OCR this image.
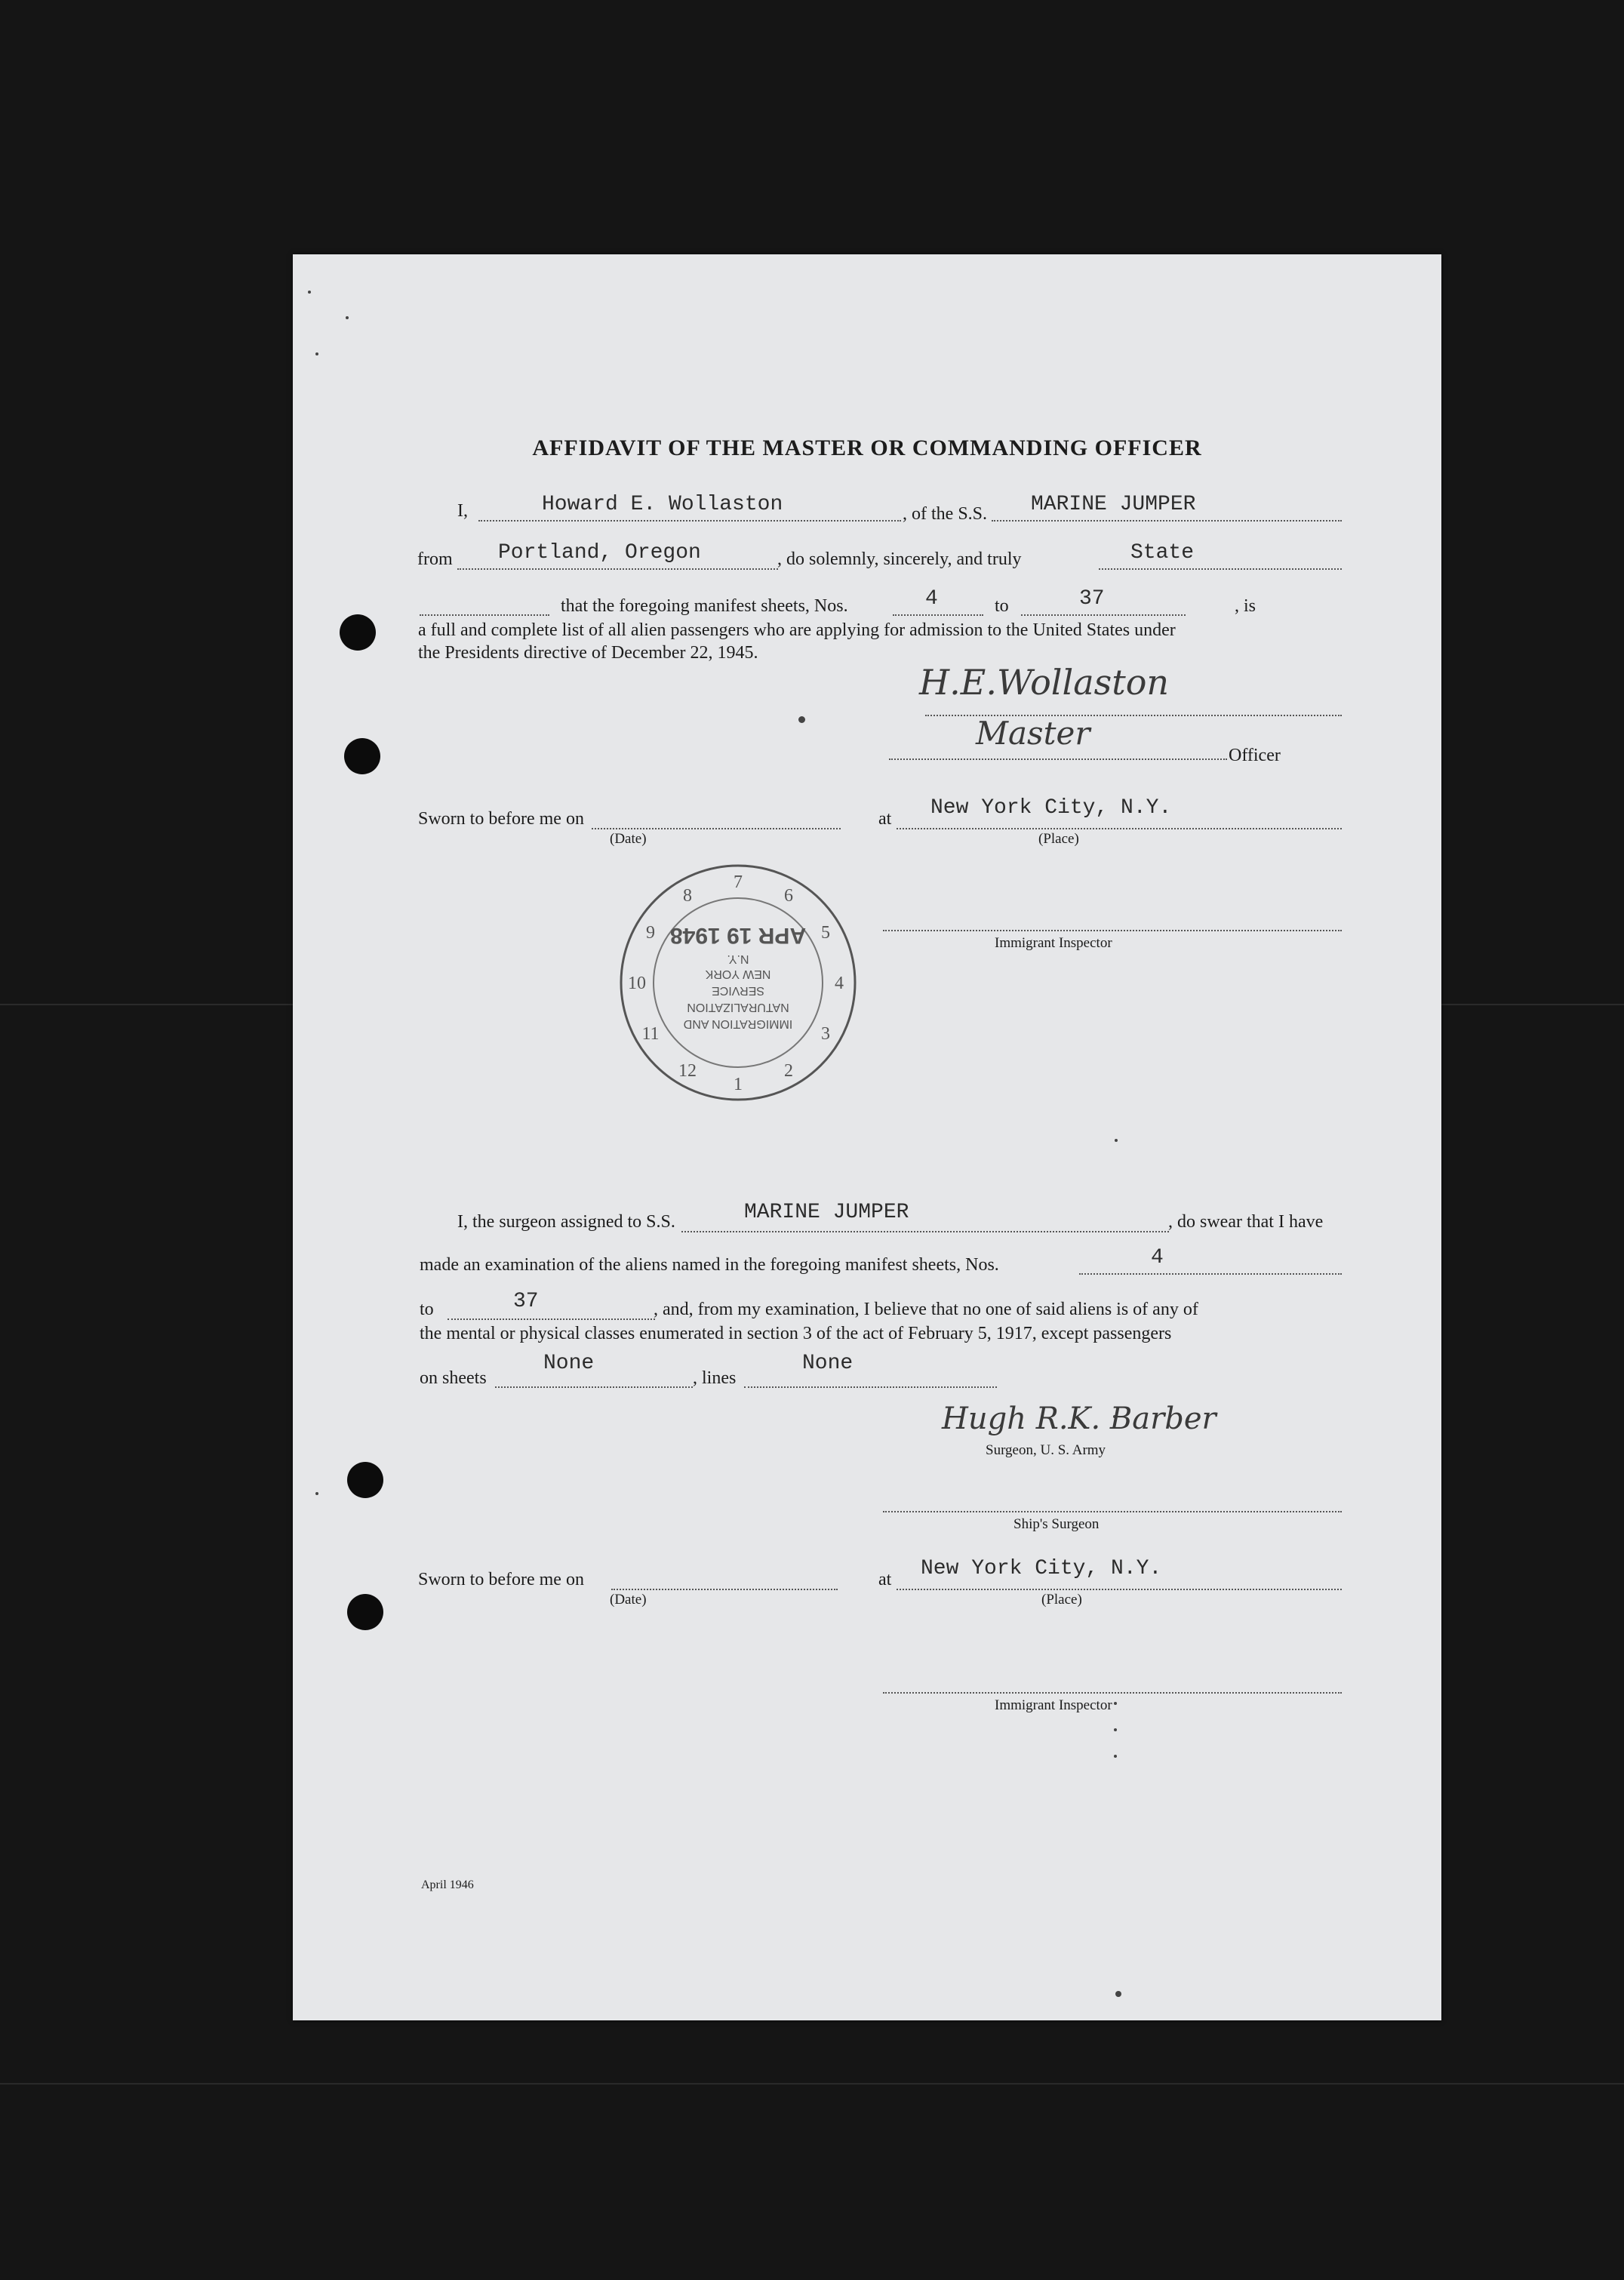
AFFIDAVIT OF THE MASTER OR COMMANDING OFFICER
I,	Howard E. Wollaston	, of the S.S. MARINE JUMPER
from Portland, Oregon	, do solemnly, sincerely, and truly	State
that the foregoing manifest sheets, Nos.	4	to	37	, is
a full and complete list of all alien passengers who are applying for admission to the United States under
the Presidents directive of December 22, 1945.
H.E.Wollaston
Master
Officer
Sworn to before me on
(Date)
at New York City, N.Y.
(Place)
Immigrant Inspector
1
2
3
4
5
6
7
8
9
10
11
12
IMMIGRATION AND
NATURALIZATION
SERVICE
NEW YORK
N.Y.
APR 19 1948
I, the surgeon assigned to S.S.	MARINE JUMPER	, do swear that I have
made an examination of the aliens named in the foregoing manifest sheets, Nos.	4
to	37	, and, from my examination, I believe that no one of said aliens is of any of
the mental or physical classes enumerated in section 3 of the act of February 5, 1917, except passengers
on sheets
None
, lines
None
Hugh R.K. Barber
Surgeon, U. S. Army
Ship's Surgeon
Sworn to before me on
(Date)
at New York City, N.Y.
(Place)
Immigrant Inspector
April 1946
